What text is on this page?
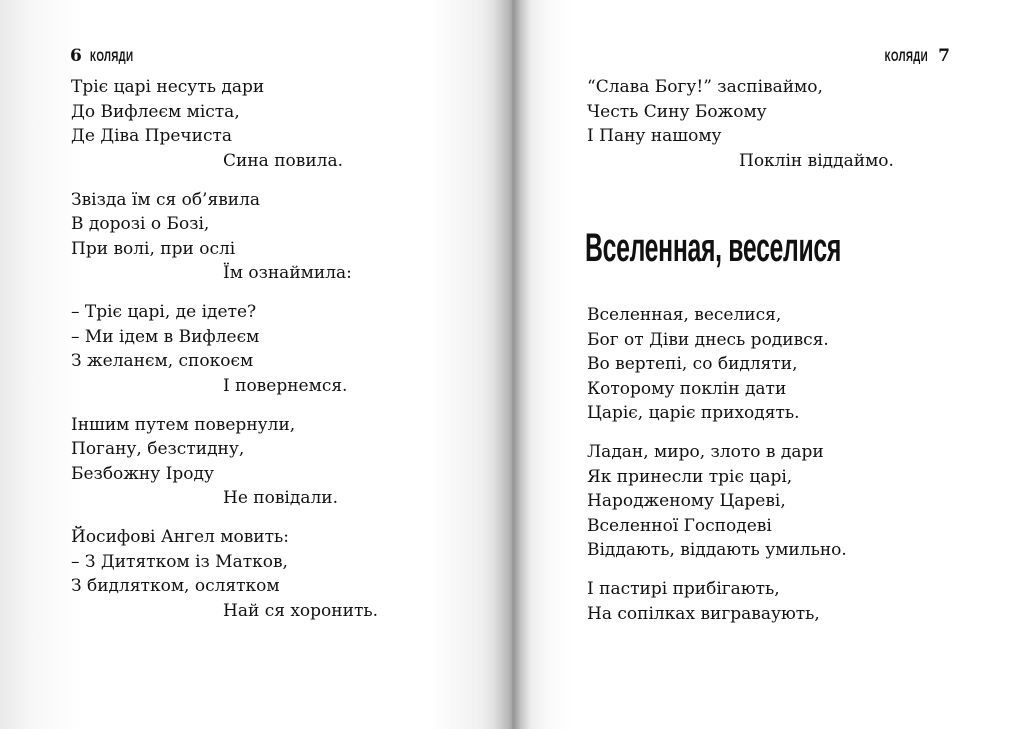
6 КОЛЯДИ	КОЛЯДИ 7
Тріє царі несуть дари
До Вифлеєм міста,
Де Діва Пречиста
Сина повила.
Звізда їм ся об’явила
В дорозі о Бозі,
При волі, при ослі
Їм ознаймила:
– Тріє царі, де ідете?
– Ми ідем в Вифлеєм
З желанєм, спокоєм
І повернемся.
Іншим путем повернули,
Погану, безстидну,
Безбожну Іроду
Не повідали.
Йосифові Ангел мовить:
– З Дитятком із Матков,
З бидлятком, ослятком
Най ся хоронить.
“Слава Богу!” заспіваймо,
Честь Сину Божому
І Пану нашому
Поклін віддаймо.
Вселенная, веселися
Вселенная, веселися,
Бог от Діви днесь родився.
Во вертепі, со бидляти,
Которому поклін дати
Царіє, царіє приходять.
Ладан, миро, злото в дари
Як принесли тріє царі,
Народженому Цареві,
Вселенної Господеві
Віддають, віддають умильно.
І пастирі прибігають,
На сопілках виграваують,
